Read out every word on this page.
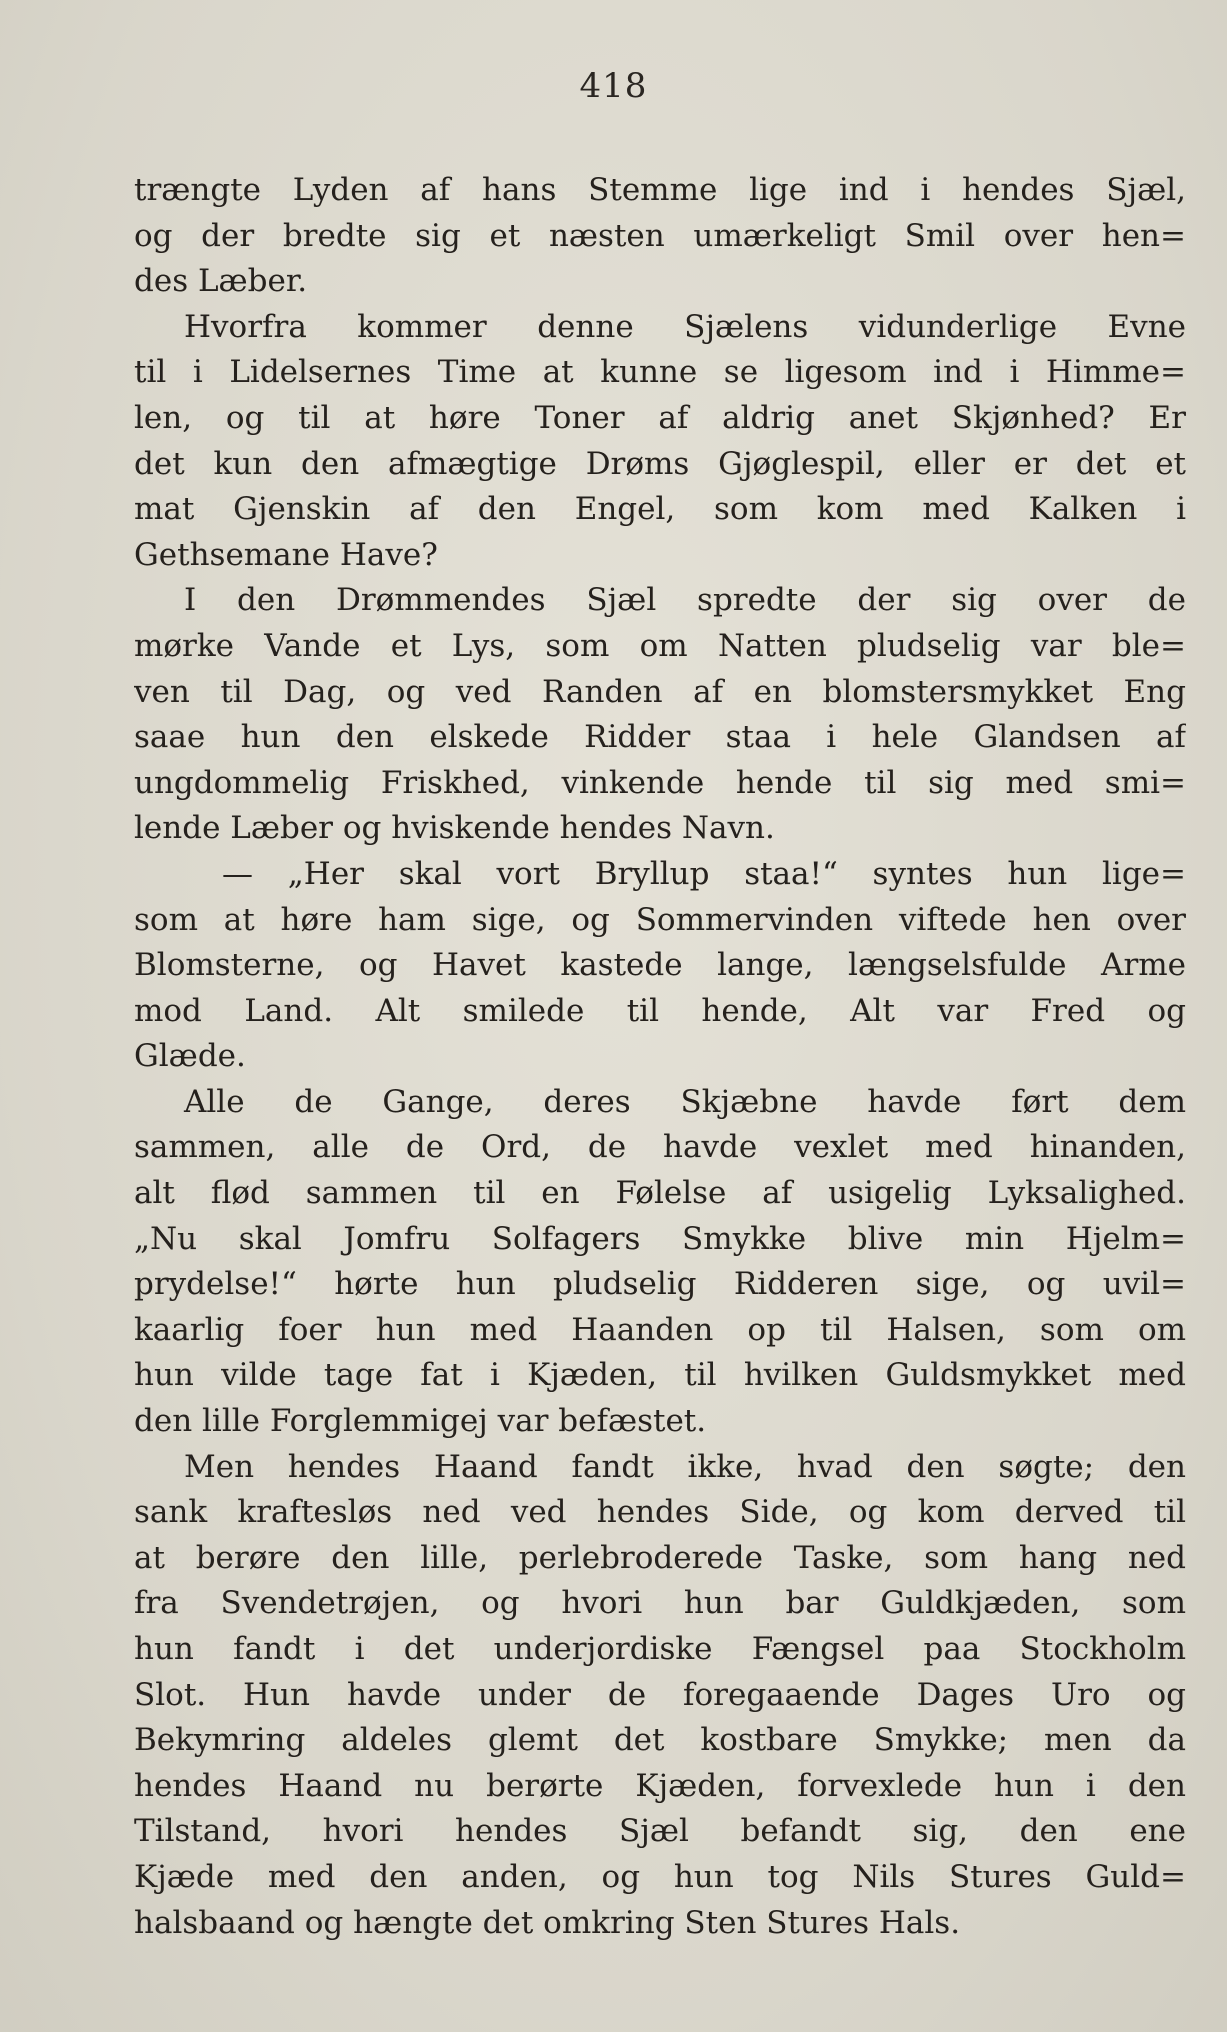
418
trængte Lyden af hans Stemme lige ind i hendes Sjæl,
og der bredte sig et næsten umærkeligt Smil over hen=
des Læber.
Hvorfra kommer denne Sjælens vidunderlige Evne
til i Lidelsernes Time at kunne se ligesom ind i Himme=
len, og til at høre Toner af aldrig anet Skjønhed? Er
det kun den afmægtige Drøms Gjøglespil, eller er det et
mat Gjenskin af den Engel, som kom med Kalken i
Gethsemane Have?
I den Drømmendes Sjæl spredte der sig over de
mørke Vande et Lys, som om Natten pludselig var ble=
ven til Dag, og ved Randen af en blomstersmykket Eng
saae hun den elskede Ridder staa i hele Glandsen af
ungdommelig Friskhed, vinkende hende til sig med smi=
lende Læber og hviskende hendes Navn.
— „Her skal vort Bryllup staa!“ syntes hun lige=
som at høre ham sige, og Sommervinden viftede hen over
Blomsterne, og Havet kastede lange, længselsfulde Arme
mod Land. Alt smilede til hende, Alt var Fred og
Glæde.
Alle de Gange, deres Skjæbne havde ført dem
sammen, alle de Ord, de havde vexlet med hinanden,
alt flød sammen til en Følelse af usigelig Lyksalighed.
„Nu skal Jomfru Solfagers Smykke blive min Hjelm=
prydelse!“ hørte hun pludselig Ridderen sige, og uvil=
kaarlig foer hun med Haanden op til Halsen, som om
hun vilde tage fat i Kjæden, til hvilken Guldsmykket med
den lille Forglemmigej var befæstet.
Men hendes Haand fandt ikke, hvad den søgte; den
sank kraftesløs ned ved hendes Side, og kom derved til
at berøre den lille, perlebroderede Taske, som hang ned
fra Svendetrøjen, og hvori hun bar Guldkjæden, som
hun fandt i det underjordiske Fængsel paa Stockholm
Slot. Hun havde under de foregaaende Dages Uro og
Bekymring aldeles glemt det kostbare Smykke; men da
hendes Haand nu berørte Kjæden, forvexlede hun i den
Tilstand, hvori hendes Sjæl befandt sig, den ene
Kjæde med den anden, og hun tog Nils Stures Guld=
halsbaand og hængte det omkring Sten Stures Hals.
